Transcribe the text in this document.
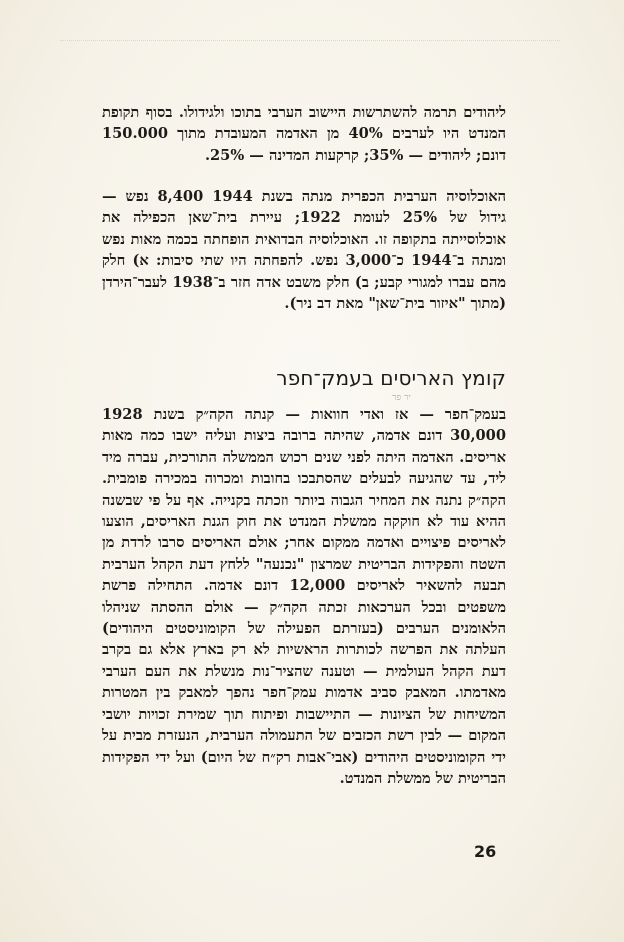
ליהודים תרמה להשתרשות היישוב הערבי בתוכו ולגידולו. בסוף תקופת המנדט היו לערבים 40% מן האדמה המעובדת מתוך 150.000 דונם; ליהודים — 35%; קרקעות המדינה — 25%.

האוכלוסיה הערבית הכפרית מנתה בשנת 1944 8,400 נפש — גידול של 25% לעומת 1922; עיירת בית־שאן הכפילה את אוכלוסייתה בתקופה זו. האוכלוסיה הבדואית הופחתה בכמה מאות נפש ומנתה ב־1944 כ־3,000 נפש. להפחתה היו שתי סיבות: א) חלק מהם עברו למגורי קבע; ב) חלק משבט אדה חזר ב־1938 לעבר־הירדן (מתוך "איזור בית־שאן" מאת דב ניר).

קומץ האריסים בעמק־חפר
יר פר

בעמק־חפר — אז ואדי חוואות — קנתה הקה״ק בשנת 1928 30,000 דונם אדמה, שהיתה ברובה ביצות ועליה ישבו כמה מאות אריסים. האדמה היתה לפני שנים רכוש הממשלה התורכית, עברה מיד ליד, עד שהגיעה לבעלים שהסתבכו בחובות ומכרוה במכירה פומבית. הקה״ק נתנה את המחיר הגבוה ביותר וזכתה בקנייה. אף על פי שבשנה ההיא עוד לא חוקקה ממשלת המנדט את חוק הגנת האריסים, הוצעו לאריסים פיצויים ואדמה ממקום אחר; אולם האריסים סרבו לרדת מן השטח והפקידות הבריטית שמרצון "נכנעה" ללחץ דעת הקהל הערבית תבעה להשאיר לאריסים 12,000 דונם אדמה. התחילה פרשת משפטים ובכל הערכאות זכתה הקה״ק — אולם ההסתה שניהלו הלאומנים הערבים (בעזרתם הפעילה של הקומוניסטים היהודים) העלתה את הפרשה לכותרות הראשיות לא רק בארץ אלא גם בקרב דעת הקהל העולמית — וטענה שהציר־נות מנשלת את העם הערבי מאדמתו. המאבק סביב אדמות עמק־חפר נהפך למאבק בין המטרות המשיחות של הציונות — התיישבות ופיתוח תוך שמירת זכויות יושבי המקום — לבין רשת הכזבים של התעמולה הערבית, הנעזרת מבית על ידי הקומוניסטים היהודים (אבי־אבות רק״ח של היום) ועל ידי הפקידות הבריטית של ממשלת המנדט.

26
